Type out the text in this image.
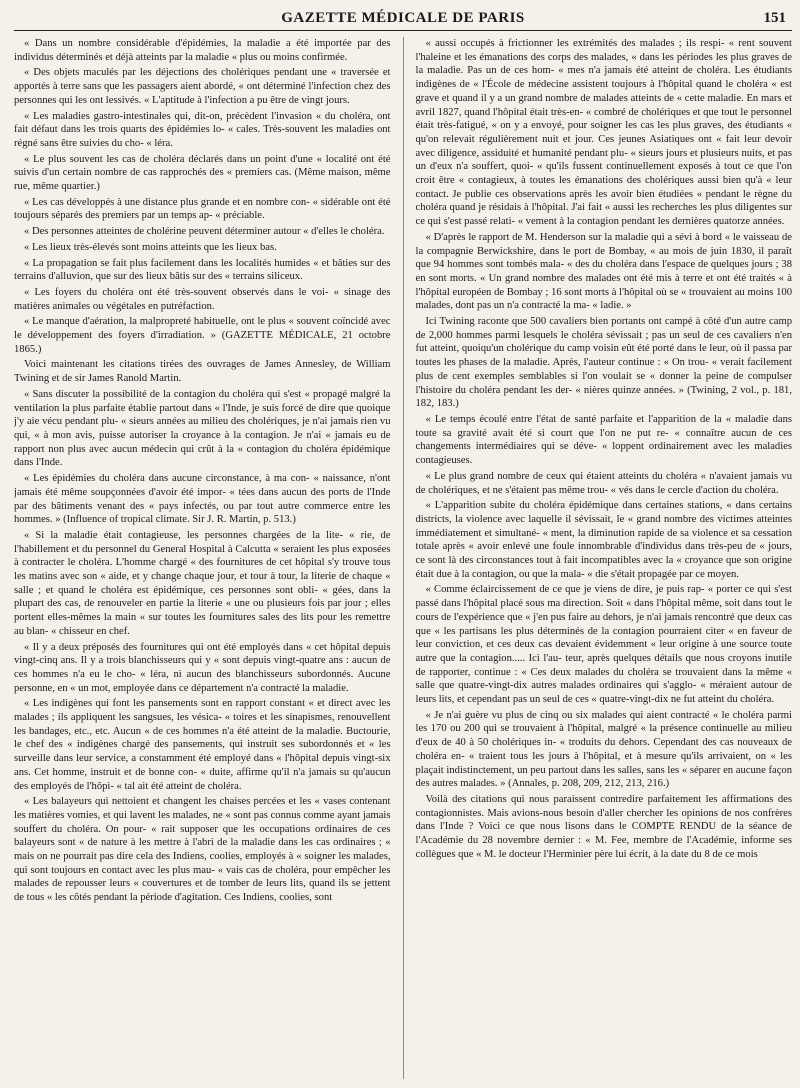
GAZETTE MÉDICALE DE PARIS	151

« Dans un nombre considérable d'épidémies, la maladie a été importée par des individus déterminés et déjà atteints par la maladie « plus ou moins confirmée.

« Des objets maculés par les déjections des cholériques pendant une « traversée et apportés à terre sans que les passagers aient abordé, « ont déterminé l'infection chez des personnes qui les ont lessivés. « L'aptitude à l'infection a pu être de vingt jours.

« Les maladies gastro-intestinales qui, dit-on, précèdent l'invasion « du choléra, ont fait défaut dans les trois quarts des épidémies lo- « cales. Très-souvent les maladies ont régné sans être suivies du cho- « léra.

« Le plus souvent les cas de choléra déclarés dans un point d'une « localité ont été suivis d'un certain nombre de cas rapprochés des « premiers cas. (Même maison, même rue, même quartier.)

« Les cas développés à une distance plus grande et en nombre con- « sidérable ont été toujours séparés des premiers par un temps ap- « préciable.

« Des personnes atteintes de cholérine peuvent déterminer autour « d'elles le choléra.

« Les lieux très-élevés sont moins atteints que les lieux bas.

« La propagation se fait plus facilement dans les localités humides « et bâties sur des terrains d'alluvion, que sur des lieux bâtis sur des « terrains siliceux.

« Les foyers du choléra ont été très-souvent observés dans le voi- « sinage des matières animales ou végétales en putréfaction.

« Le manque d'aération, la malpropreté habituelle, ont le plus « souvent coïncidé avec le développement des foyers d'irradiation. » (GAZETTE MÉDICALE, 21 octobre 1865.)

Voici maintenant les citations tirées des ouvrages de James Annesley, de William Twining et de sir James Ranold Martin.

« Sans discuter la possibilité de la contagion du choléra qui s'est « propagé malgré la ventilation la plus parfaite établie partout dans « l'Inde, je suis forcé de dire que quoique j'y aie vécu pendant plu- « sieurs années au milieu des cholériques, je n'ai jamais rien vu qui, « à mon avis, puisse autoriser la croyance à la contagion. Je n'ai « jamais eu de rapport non plus avec aucun médecin qui crût à la « contagion du choléra épidémique dans l'Inde.

« Les épidémies du choléra dans aucune circonstance, à ma con- « naissance, n'ont jamais été même soupçonnées d'avoir été impor- « tées dans aucun des ports de l'Inde par des bâtiments venant des « pays infectés, ou par tout autre commerce entre les hommes. » (Influence of tropical climate. Sir J. R. Martin, p. 513.)

« Si la maladie était contagieuse, les personnes chargées de la lite- « rie, de l'habillement et du personnel du General Hospital à Calcutta « seraient les plus exposées à contracter le choléra. L'homme chargé « des fournitures de cet hôpital s'y trouve tous les matins avec son « aide, et y change chaque jour, et tour à tour, la literie de chaque « salle ; et quand le choléra est épidémique, ces personnes sont obli- « gées, dans la plupart des cas, de renouveler en partie la literie « une ou plusieurs fois par jour ; elles portent elles-mêmes la main « sur toutes les fournitures sales des lits pour les remettre au blan- « chisseur en chef.

« Il y a deux préposés des fournitures qui ont été employés dans « cet hôpital depuis vingt-cinq ans. Il y a trois blanchisseurs qui y « sont depuis vingt-quatre ans : aucun de ces hommes n'a eu le cho- « léra, ni aucun des blanchisseurs subordonnés. Aucune personne, en « un mot, employée dans ce département n'a contracté la maladie.

« Les indigènes qui font les pansements sont en rapport constant « et direct avec les malades ; ils appliquent les sangsues, les vésica- « toires et les sinapismes, renouvellent les bandages, etc., etc. Aucun « de ces hommes n'a été atteint de la maladie. Buctourie, le chef des « indigènes chargé des pansements, qui instruit ses subordonnés et « les surveille dans leur service, a constamment été employé dans « l'hôpital depuis vingt-six ans. Cet homme, instruit et de bonne con- « duite, affirme qu'il n'a jamais su qu'aucun des employés de l'hôpi- « tal ait été atteint de choléra.

« Les balayeurs qui nettoient et changent les chaises percées et les « vases contenant les matières vomies, et qui lavent les malades, ne « sont pas connus comme ayant jamais souffert du choléra. On pour- « rait supposer que les occupations ordinaires de ces balayeurs sont « de nature à les mettre à l'abri de la maladie dans les cas ordinaires ; « mais on ne pourrait pas dire cela des Indiens, coolies, employés à « soigner les malades, qui sont toujours en contact avec les plus mau- « vais cas de choléra, pour empêcher les malades de repousser leurs « couvertures et de tomber de leurs lits, quand ils se jettent de tous « les côtés pendant la période d'agitation. Ces Indiens, coolies, sont

« aussi occupés à frictionner les extrémités des malades ; ils respi- « rent souvent l'haleine et les émanations des corps des malades, « dans les périodes les plus graves de la maladie. Pas un de ces hom- « mes n'a jamais été atteint de choléra. Les étudiants indigènes de « l'École de médecine assistent toujours à l'hôpital quand le choléra « est grave et quand il y a un grand nombre de malades atteints de « cette maladie. En mars et avril 1827, quand l'hôpital était très-en- « combré de cholériques et que tout le personnel était très-fatigué, « on y a envoyé, pour soigner les cas les plus graves, des étudiants « qu'on relevait régulièrement nuit et jour. Ces jeunes Asiatiques ont « fait leur devoir avec diligence, assiduité et humanité pendant plu- « sieurs jours et plusieurs nuits, et pas un d'eux n'a souffert, quoi- « qu'ils fussent continuellement exposés à tout ce que l'on croit être « contagieux, à toutes les émanations des cholériques aussi bien qu'à « leur contact. Je publie ces observations après les avoir bien étudiées « pendant le règne du choléra quand je résidais à l'hôpital. J'ai fait « aussi les recherches les plus diligentes sur ce qui s'est passé relati- « vement à la contagion pendant les dernières quatorze années.

« D'après le rapport de M. Henderson sur la maladie qui a sévi à bord « le vaisseau de la compagnie Berwickshire, dans le port de Bombay, « au mois de juin 1830, il paraît que 94 hommes sont tombés mala- « des du choléra dans l'espace de quelques jours ; 38 en sont morts. « Un grand nombre des malades ont été mis à terre et ont été traités « à l'hôpital européen de Bombay ; 16 sont morts à l'hôpital où se « trouvaient au moins 100 malades, dont pas un n'a contracté la ma- « ladie. »

Ici Twining raconte que 500 cavaliers bien portants ont campé à côté d'un autre camp de 2,000 hommes parmi lesquels le choléra sévissait ; pas un seul de ces cavaliers n'en fut atteint, quoiqu'un cholérique du camp voisin eût été porté dans le leur, où il passa par toutes les phases de la maladie. Après, l'auteur continue : « On trou- « verait facilement plus de cent exemples semblables si l'on voulait se « donner la peine de compulser l'histoire du choléra pendant les der- « nières quinze années. » (Twining, 2 vol., p. 181, 182, 183.)

« Le temps écoulé entre l'état de santé parfaite et l'apparition de la « maladie dans toute sa gravité avait été si court que l'on ne put re- « connaître aucun de ces changements intermédiaires qui se déve- « loppent ordinairement avec les maladies contagieuses.

« Le plus grand nombre de ceux qui étaient atteints du choléra « n'avaient jamais vu de cholériques, et ne s'étaient pas même trou- « vés dans le cercle d'action du choléra.

« L'apparition subite du choléra épidémique dans certaines stations, « dans certains districts, la violence avec laquelle il sévissait, le « grand nombre des victimes atteintes immédiatement et simultané- « ment, la diminution rapide de sa violence et sa cessation totale après « avoir enlevé une foule innombrable d'individus dans très-peu de « jours, ce sont là des circonstances tout à fait incompatibles avec la « croyance que son origine était due à la contagion, ou que la mala- « die s'était propagée par ce moyen.

« Comme éclaircissement de ce que je viens de dire, je puis rap- « porter ce qui s'est passé dans l'hôpital placé sous ma direction. Soit « dans l'hôpital même, soit dans tout le cours de l'expérience que « j'en pus faire au dehors, je n'ai jamais rencontré que deux cas que « les partisans les plus déterminés de la contagion pourraient citer « en faveur de leur conviction, et ces deux cas devaient évidemment « leur origine à une source toute autre que la contagion..... Ici l'au- teur, après quelques détails que nous croyons inutile de rapporter, continue : « Ces deux malades du choléra se trouvaient dans la même « salle que quatre-vingt-dix autres malades ordinaires qui s'agglo- « méraient autour de leurs lits, et cependant pas un seul de ces « quatre-vingt-dix ne fut atteint du choléra.

« Je n'ai guère vu plus de cinq ou six malades qui aient contracté « le choléra parmi les 170 ou 200 qui se trouvaient à l'hôpital, malgré « la présence continuelle au milieu d'eux de 40 à 50 cholériques in- « troduits du dehors. Cependant des cas nouveaux de choléra en- « traient tous les jours à l'hôpital, et à mesure qu'ils arrivaient, on « les plaçait indistinctement, un peu partout dans les salles, sans les « séparer en aucune façon des autres malades. » (Annales, p. 208, 209, 212, 213, 216.)

Voilà des citations qui nous paraissent contredire parfaitement les affirmations des contagionnistes. Mais avions-nous besoin d'aller chercher les opinions de nos confrères dans l'Inde ? Voici ce que nous lisons dans le COMPTE RENDU de la séance de l'Académie du 28 novembre dernier : « M. Fee, membre de l'Académie, informe ses collègues que « M. le docteur l'Herminier père lui écrit, à la date du 8 de ce mois
